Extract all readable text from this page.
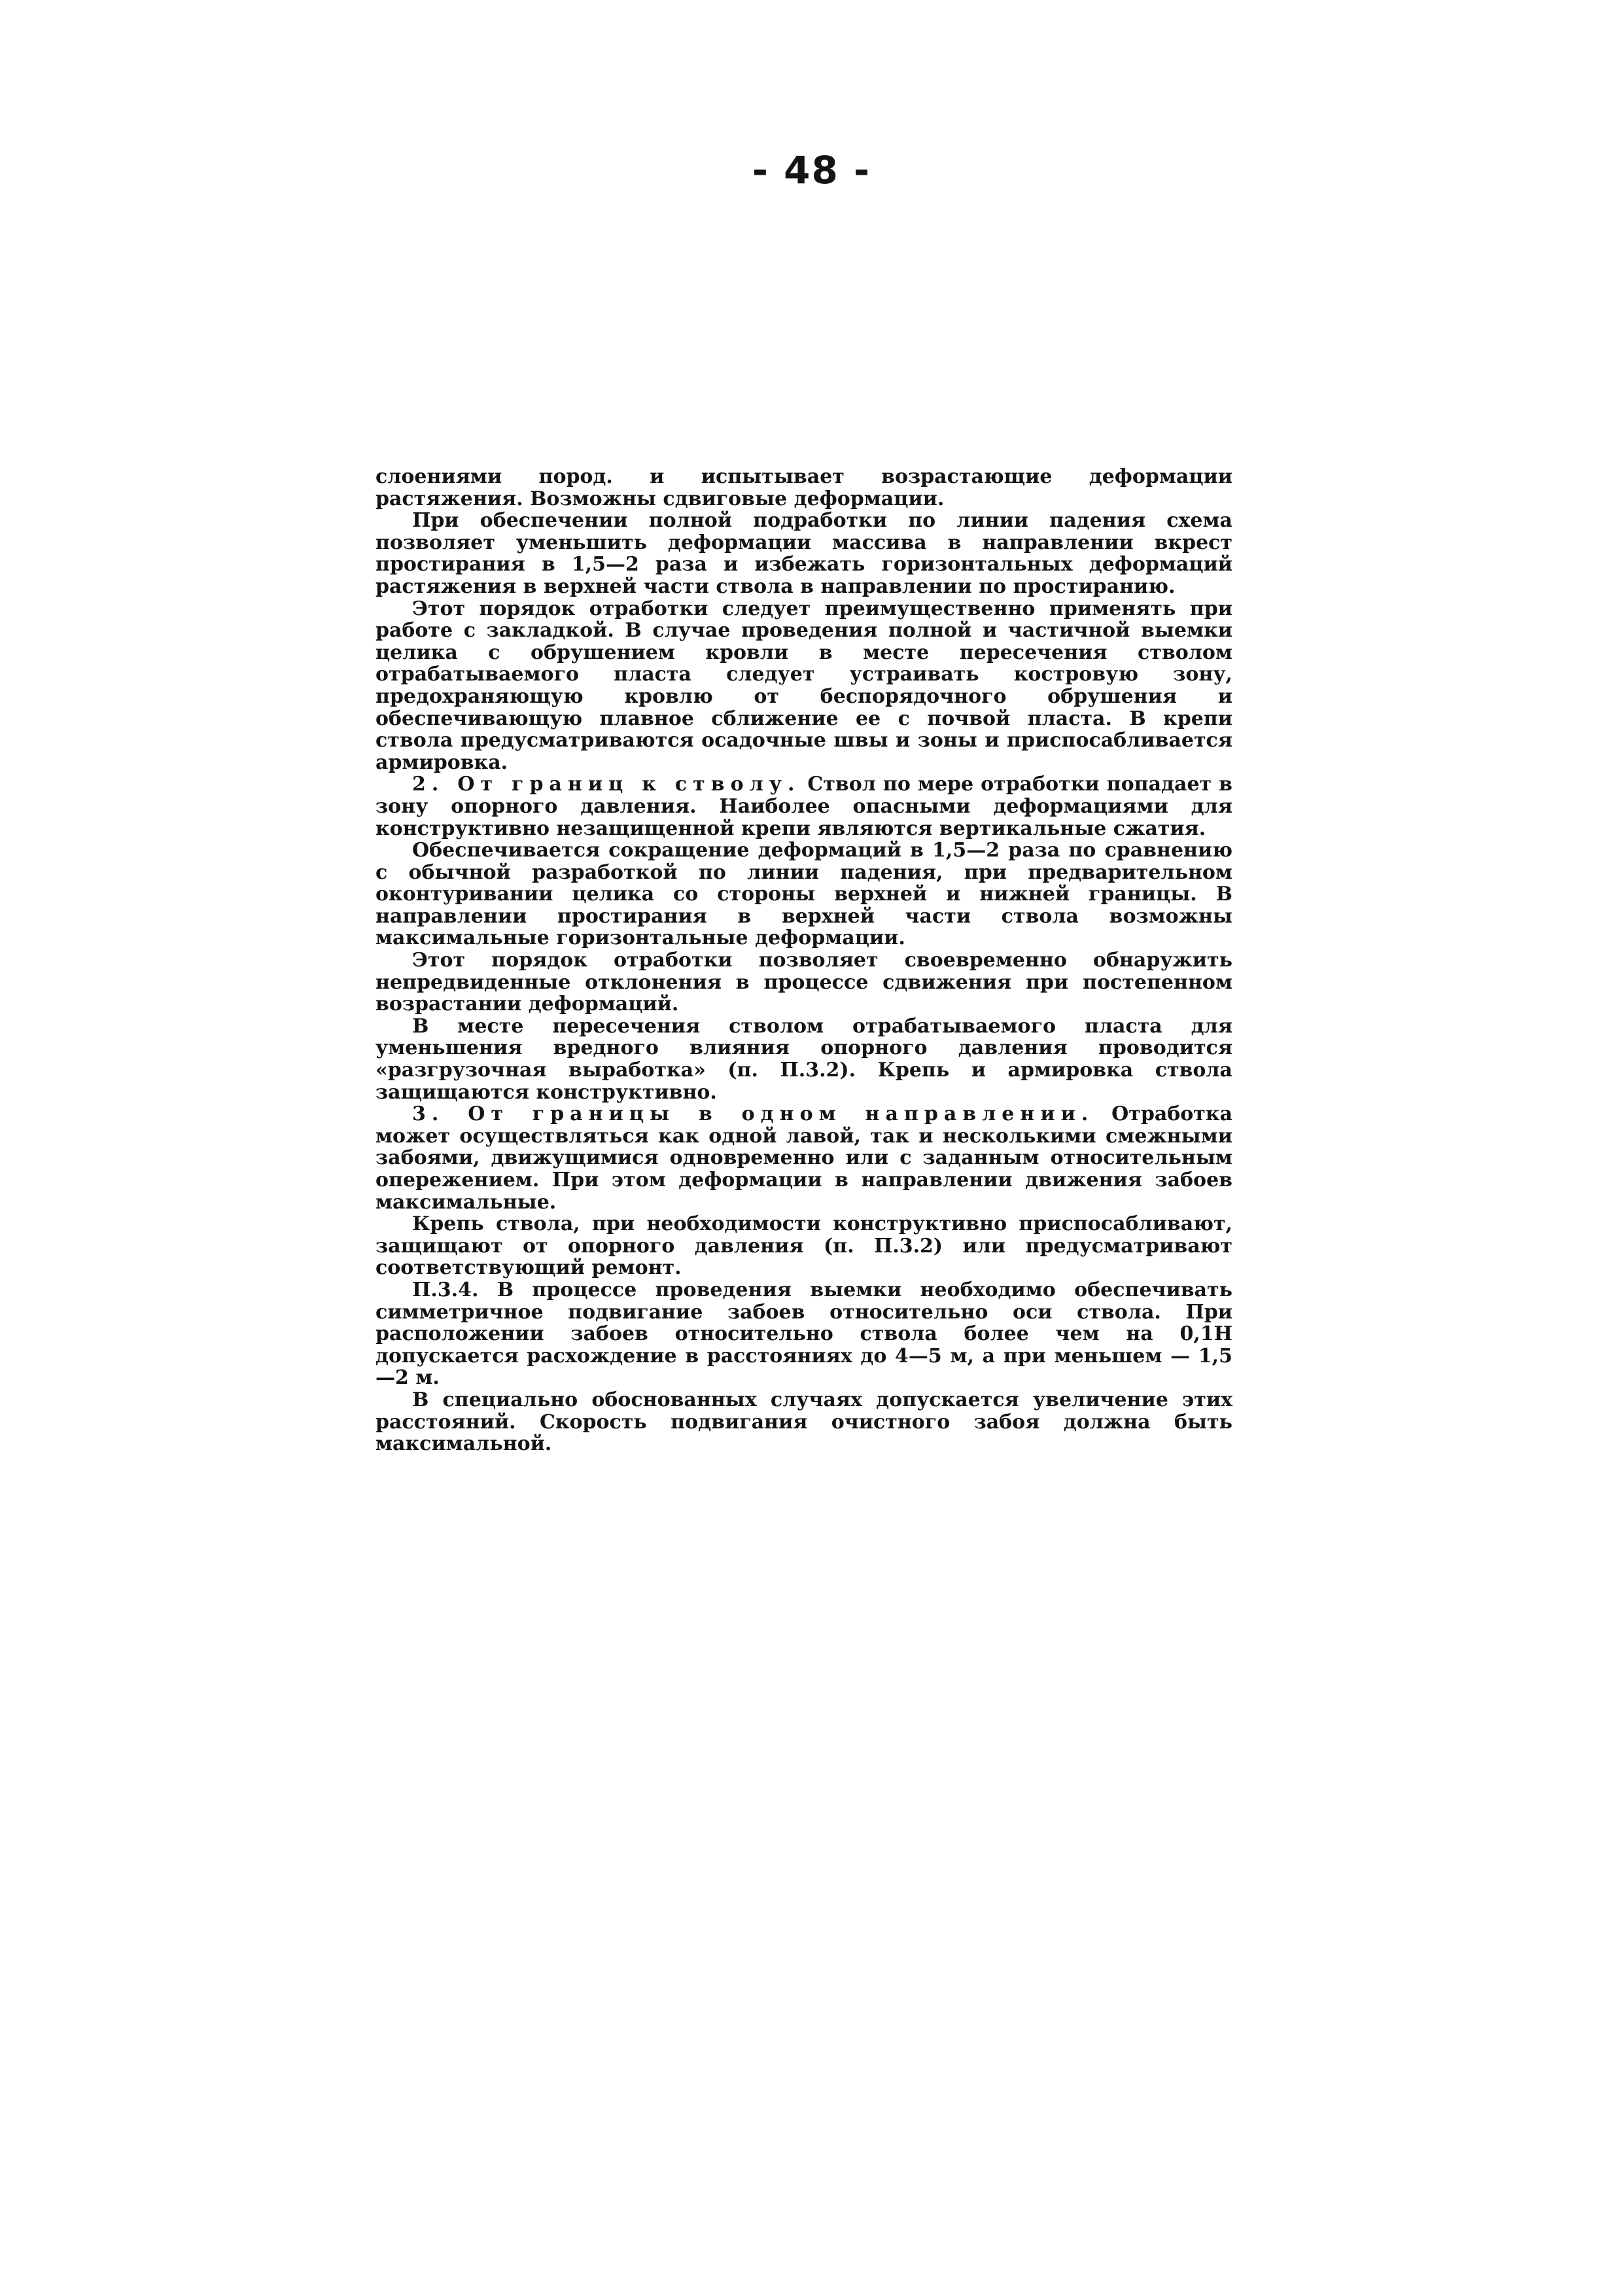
- 48 -

слоениями пород. и испытывает возрастающие деформации растяжения. Возможны сдвиговые деформации.

При обеспечении полной подработки по линии падения схема позволяет уменьшить деформации массива в направлении вкрест простирания в 1,5—2 раза и избежать горизонтальных деформаций растяжения в верхней части ствола в направлении по простиранию.

Этот порядок отработки следует преимущественно применять при работе с закладкой. В случае проведения полной и частичной выемки целика с обрушением кровли в месте пересечения стволом отрабатываемого пласта следует устраивать костровую зону, предохраняющую кровлю от беспорядочного обрушения и обеспечивающую плавное сближение ее с почвой пласта. В крепи ствола предусматриваются осадочные швы и зоны и приспосабливается армировка.

2. От границ к стволу. Ствол по мере отработки попадает в зону опорного давления. Наиболее опасными деформациями для конструктивно незащищенной крепи являются вертикальные сжатия.

Обеспечивается сокращение деформаций в 1,5—2 раза по сравнению с обычной разработкой по линии падения, при предварительном оконтуривании целика со стороны верхней и нижней границы. В направлении простирания в верхней части ствола возможны максимальные горизонтальные деформации.

Этот порядок отработки позволяет своевременно обнаружить непредвиденные отклонения в процессе сдвижения при постепенном возрастании деформаций.

В месте пересечения стволом отрабатываемого пласта для уменьшения вредного влияния опорного давления проводится «разгрузочная выработка» (п. П.3.2). Крепь и армировка ствола защищаются конструктивно.

3. От границы в одном направлении. Отработка может осуществляться как одной лавой, так и несколькими смежными забоями, движущимися одновременно или с заданным относительным опережением. При этом деформации в направлении движения забоев максимальные.

Крепь ствола, при необходимости конструктивно приспосабливают, защищают от опорного давления (п. П.3.2) или предусматривают соответствующий ремонт.

П.3.4. В процессе проведения выемки необходимо обеспечивать симметричное подвигание забоев относительно оси ствола. При расположении забоев относительно ствола более чем на 0,1Н допускается расхождение в расстояниях до 4—5 м, а при меньшем — 1,5—2 м.

В специально обоснованных случаях допускается увеличение этих расстояний. Скорость подвигания очистного забоя должна быть максимальной.
